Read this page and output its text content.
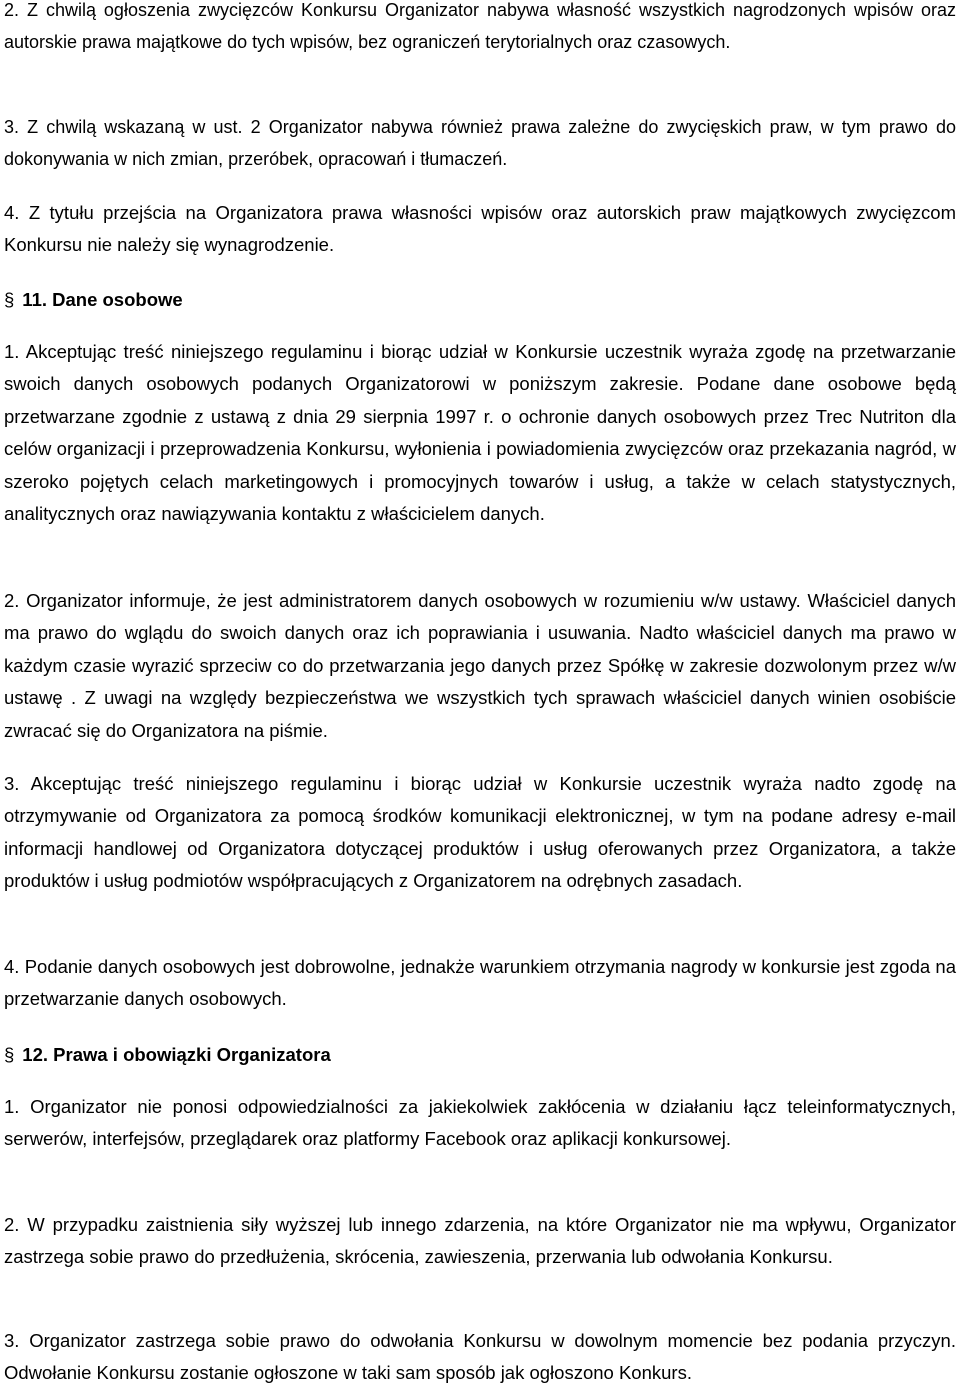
2. Z chwilą ogłoszenia zwycięzców Konkursu Organizator nabywa własność wszystkich nagrodzonych wpisów oraz autorskie prawa majątkowe do tych wpisów, bez ograniczeń terytorialnych oraz czasowych.

3. Z chwilą wskazaną w ust. 2 Organizator nabywa również prawa zależne do zwycięskich praw, w tym prawo do dokonywania w nich zmian, przeróbek, opracowań i tłumaczeń.

4. Z tytułu przejścia na Organizatora prawa własności wpisów oraz autorskich praw majątkowych zwycięzcom Konkursu nie należy się wynagrodzenie.

§ 11. Dane osobowe

1. Akceptując treść niniejszego regulaminu i biorąc udział w Konkursie uczestnik wyraża zgodę na przetwarzanie swoich danych osobowych podanych Organizatorowi w poniższym zakresie. Podane dane osobowe będą przetwarzane zgodnie z ustawą z dnia 29 sierpnia 1997 r. o ochronie danych osobowych przez Trec Nutriton dla celów organizacji i przeprowadzenia Konkursu, wyłonienia i powiadomienia zwycięzców oraz przekazania nagród, w szeroko pojętych celach marketingowych i promocyjnych towarów i usług, a także w celach statystycznych, analitycznych oraz nawiązywania kontaktu z właścicielem danych.

2. Organizator informuje, że jest administratorem danych osobowych w rozumieniu w/w ustawy. Właściciel danych ma prawo do wglądu do swoich danych oraz ich poprawiania i usuwania. Nadto właściciel danych ma prawo w każdym czasie wyrazić sprzeciw co do przetwarzania jego danych przez Spółkę w zakresie dozwolonym przez w/w ustawę . Z uwagi na względy bezpieczeństwa we wszystkich tych sprawach właściciel danych winien osobiście zwracać się do Organizatora na piśmie.

3. Akceptując treść niniejszego regulaminu i biorąc udział w Konkursie uczestnik wyraża nadto zgodę na otrzymywanie od Organizatora za pomocą środków komunikacji elektronicznej, w tym na podane adresy e-mail informacji handlowej od Organizatora dotyczącej produktów i usług oferowanych przez Organizatora, a także produktów i usług podmiotów współpracujących z Organizatorem na odrębnych zasadach.

4. Podanie danych osobowych jest dobrowolne, jednakże warunkiem otrzymania nagrody w konkursie jest zgoda na przetwarzanie danych osobowych.

§ 12. Prawa i obowiązki Organizatora

1. Organizator nie ponosi odpowiedzialności za jakiekolwiek zakłócenia w działaniu łącz teleinformatycznych, serwerów, interfejsów, przeglądarek oraz platformy Facebook oraz aplikacji konkursowej.

2. W przypadku zaistnienia siły wyższej lub innego zdarzenia, na które Organizator nie ma wpływu, Organizator zastrzega sobie prawo do przedłużenia, skrócenia, zawieszenia, przerwania lub odwołania Konkursu.

3. Organizator zastrzega sobie prawo do odwołania Konkursu w dowolnym momencie bez podania przyczyn. Odwołanie Konkursu zostanie ogłoszone w taki sam sposób jak ogłoszono Konkurs.
